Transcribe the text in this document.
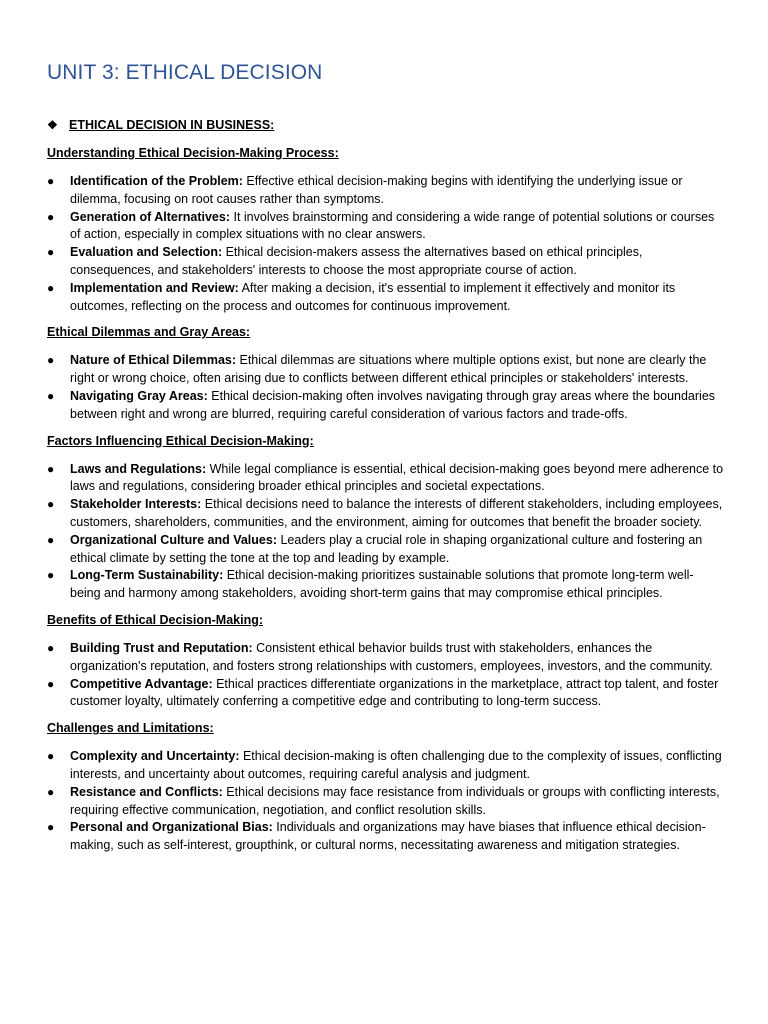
UNIT 3: ETHICAL DECISION
❖ ETHICAL DECISION IN BUSINESS:
Understanding Ethical Decision-Making Process:
●	Identification of the Problem: Effective ethical decision-making begins with identifying the underlying issue or dilemma, focusing on root causes rather than symptoms.
●	Generation of Alternatives: It involves brainstorming and considering a wide range of potential solutions or courses of action, especially in complex situations with no clear answers.
●	Evaluation and Selection: Ethical decision-makers assess the alternatives based on ethical principles, consequences, and stakeholders' interests to choose the most appropriate course of action.
●	Implementation and Review: After making a decision, it's essential to implement it effectively and monitor its outcomes, reflecting on the process and outcomes for continuous improvement.
Ethical Dilemmas and Gray Areas:
●	Nature of Ethical Dilemmas: Ethical dilemmas are situations where multiple options exist, but none are clearly the right or wrong choice, often arising due to conflicts between different ethical principles or stakeholders' interests.
●	Navigating Gray Areas: Ethical decision-making often involves navigating through gray areas where the boundaries between right and wrong are blurred, requiring careful consideration of various factors and trade-offs.
Factors Influencing Ethical Decision-Making:
●	Laws and Regulations: While legal compliance is essential, ethical decision-making goes beyond mere adherence to laws and regulations, considering broader ethical principles and societal expectations.
●	Stakeholder Interests: Ethical decisions need to balance the interests of different stakeholders, including employees, customers, shareholders, communities, and the environment, aiming for outcomes that benefit the broader society.
●	Organizational Culture and Values: Leaders play a crucial role in shaping organizational culture and fostering an ethical climate by setting the tone at the top and leading by example.
●	Long-Term Sustainability: Ethical decision-making prioritizes sustainable solutions that promote long-term well-being and harmony among stakeholders, avoiding short-term gains that may compromise ethical principles.
Benefits of Ethical Decision-Making:
●	Building Trust and Reputation: Consistent ethical behavior builds trust with stakeholders, enhances the organization's reputation, and fosters strong relationships with customers, employees, investors, and the community.
●	Competitive Advantage: Ethical practices differentiate organizations in the marketplace, attract top talent, and foster customer loyalty, ultimately conferring a competitive edge and contributing to long-term success.
Challenges and Limitations:
●	Complexity and Uncertainty: Ethical decision-making is often challenging due to the complexity of issues, conflicting interests, and uncertainty about outcomes, requiring careful analysis and judgment.
●	Resistance and Conflicts: Ethical decisions may face resistance from individuals or groups with conflicting interests, requiring effective communication, negotiation, and conflict resolution skills.
●	Personal and Organizational Bias: Individuals and organizations may have biases that influence ethical decision-making, such as self-interest, groupthink, or cultural norms, necessitating awareness and mitigation strategies.
